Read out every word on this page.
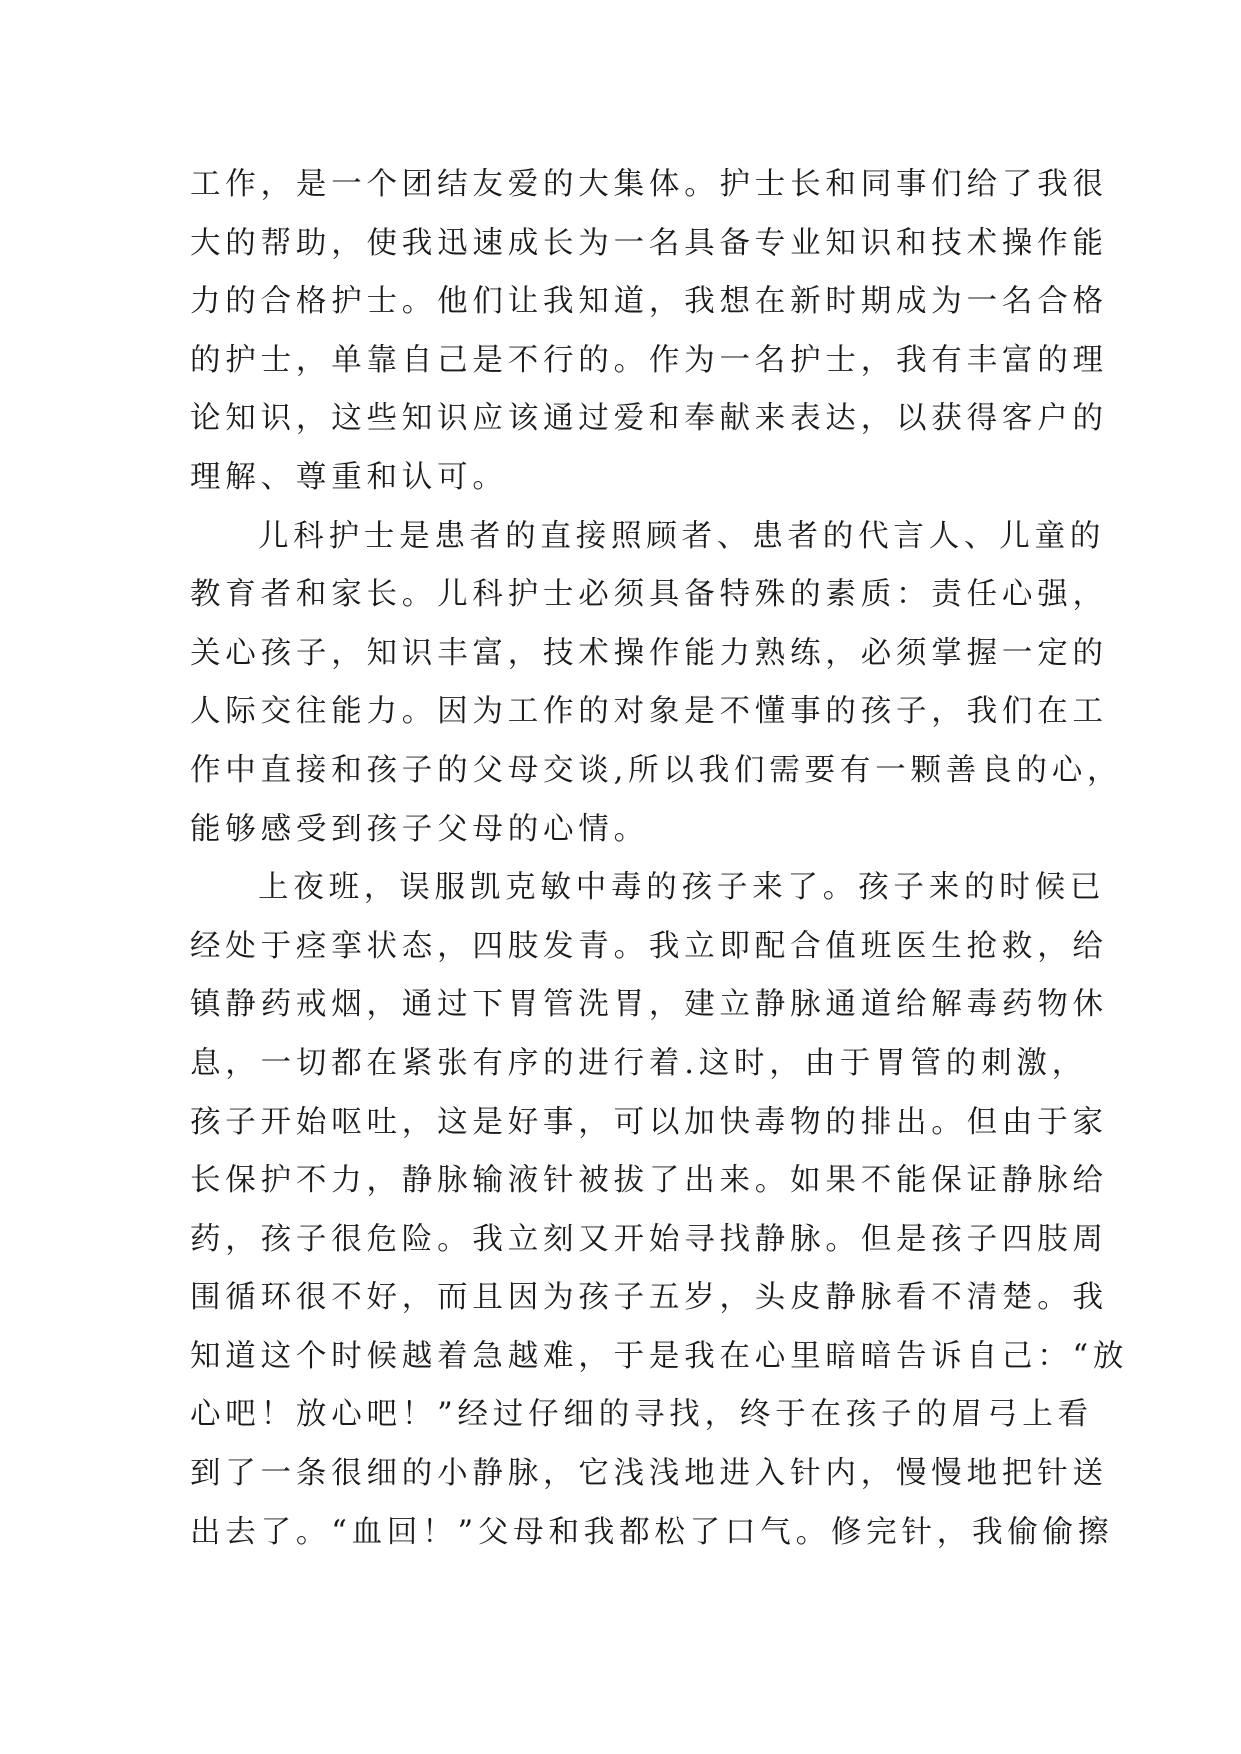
工作，是一个团结友爱的大集体。护士长和同事们给了我很
大的帮助，使我迅速成长为一名具备专业知识和技术操作能
力的合格护士。他们让我知道，我想在新时期成为一名合格
的护士，单靠自己是不行的。作为一名护士，我有丰富的理
论知识，这些知识应该通过爱和奉献来表达，以获得客户的
理解、尊重和认可。
儿科护士是患者的直接照顾者、患者的代言人、儿童的
教育者和家长。儿科护士必须具备特殊的素质：责任心强，
关心孩子，知识丰富，技术操作能力熟练，必须掌握一定的
人际交往能力。因为工作的对象是不懂事的孩子，我们在工
作中直接和孩子的父母交谈,所以我们需要有一颗善良的心，
能够感受到孩子父母的心情。
上夜班，误服凯克敏中毒的孩子来了。孩子来的时候已
经处于痉挛状态，四肢发青。我立即配合值班医生抢救，给
镇静药戒烟，通过下胃管洗胃，建立静脉通道给解毒药物休
息，一切都在紧张有序的进行着.这时，由于胃管的刺激，
孩子开始呕吐，这是好事，可以加快毒物的排出。但由于家
长保护不力，静脉输液针被拔了出来。如果不能保证静脉给
药，孩子很危险。我立刻又开始寻找静脉。但是孩子四肢周
围循环很不好，而且因为孩子五岁，头皮静脉看不清楚。我
知道这个时候越着急越难，于是我在心里暗暗告诉自己：“放
心吧！放心吧！”经过仔细的寻找，终于在孩子的眉弓上看
到了一条很细的小静脉，它浅浅地进入针内，慢慢地把针送
出去了。“血回！”父母和我都松了口气。修完针，我偷偷擦
